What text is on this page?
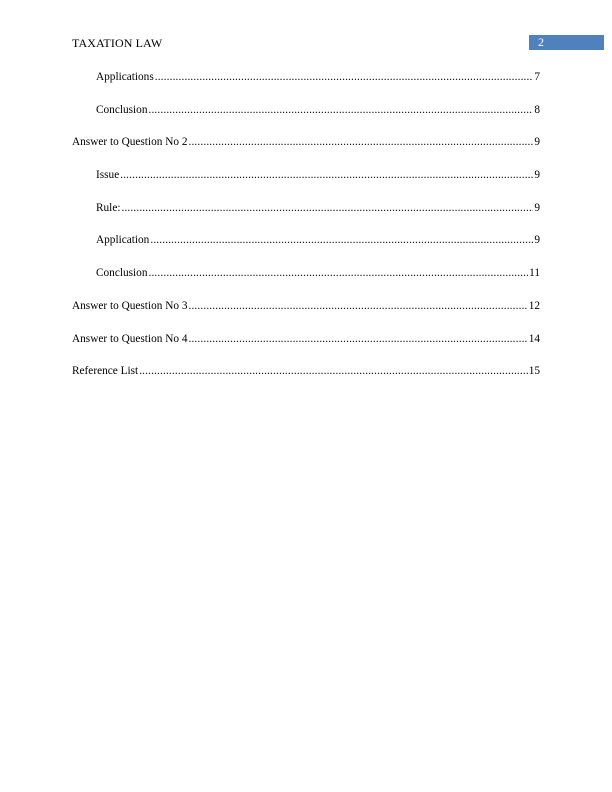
TAXATION LAW	2
Applications .....	7
Conclusion .....	8
Answer to Question No 2 .....	9
Issue .....	9
Rule: .....	9
Application .....	9
Conclusion .....	11
Answer to Question No 3 .....	12
Answer to Question No 4 .....	14
Reference List .....	15
